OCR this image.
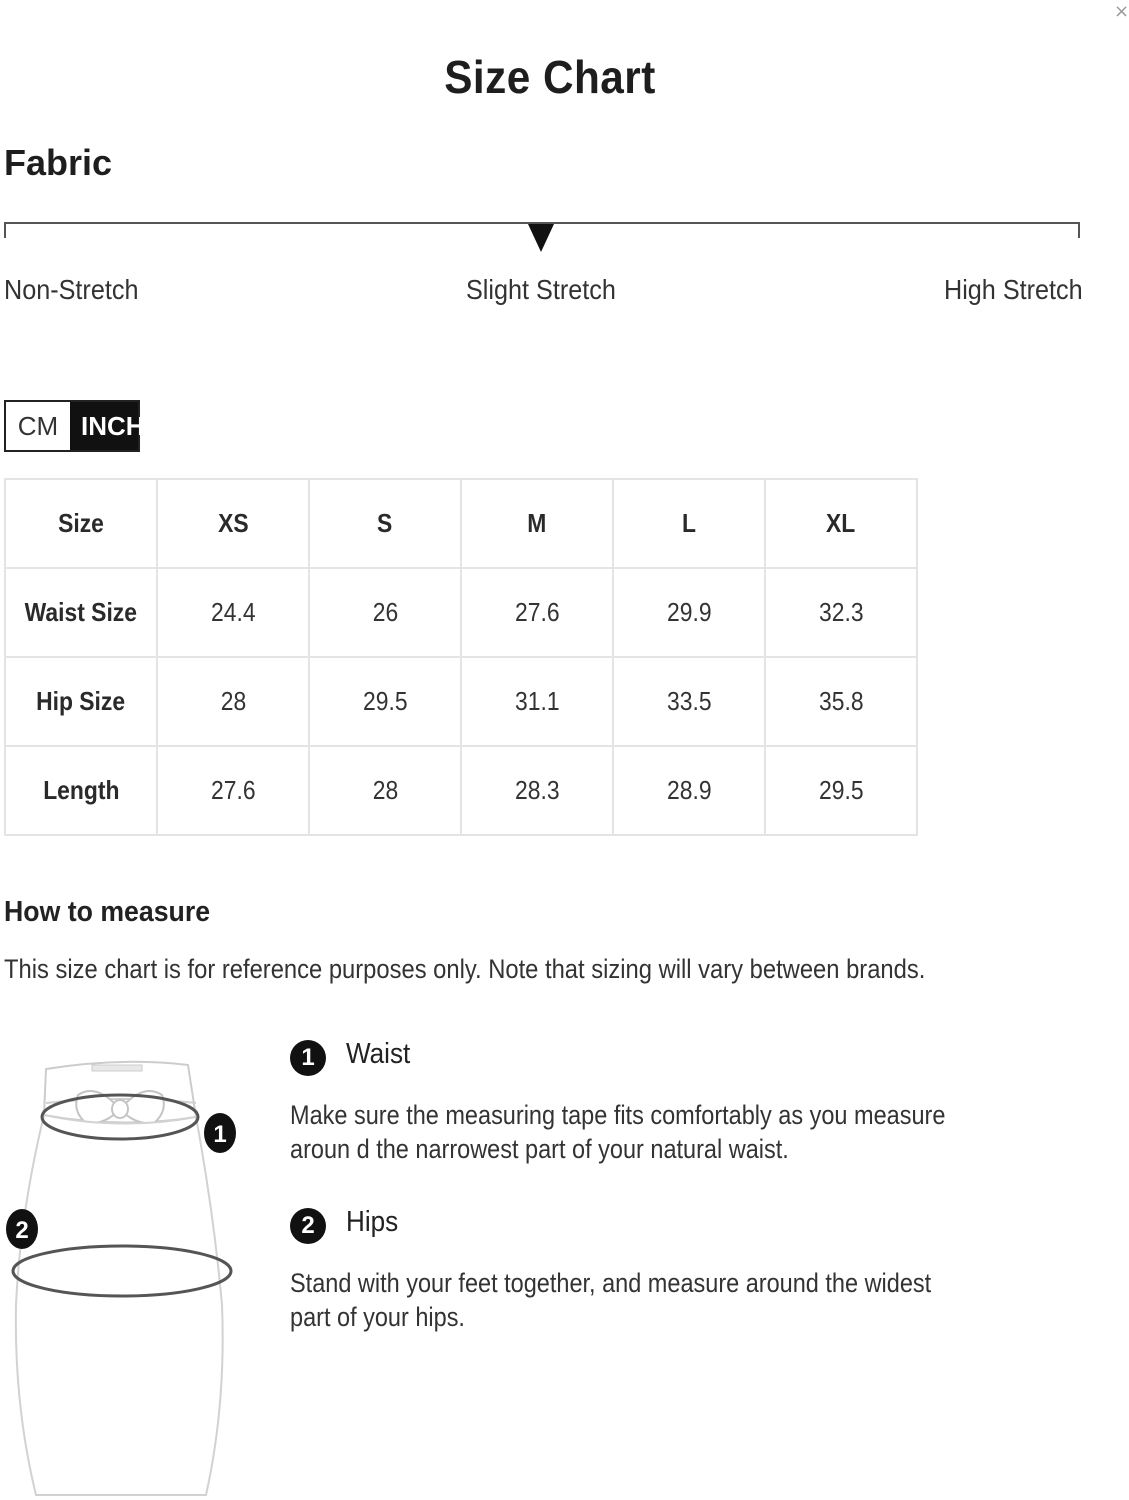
×
Size Chart
Fabric
Non-Stretch	Slight Stretch	High Stretch
CM INCH
Size	XS	S	M	L	XL
Waist Size	24.4	26	27.6	29.9	32.3
Hip Size	28	29.5	31.1	33.5	35.8
Length	27.6	28	28.3	28.9	29.5
How to measure
This size chart is for reference purposes only. Note that sizing will vary between brands.
1
2
1	Waist
Make sure the measuring tape fits comfortably as you measure aroun d the narrowest part of your natural waist.
2	Hips
Stand with your feet together, and measure around the widest part of your hips.
